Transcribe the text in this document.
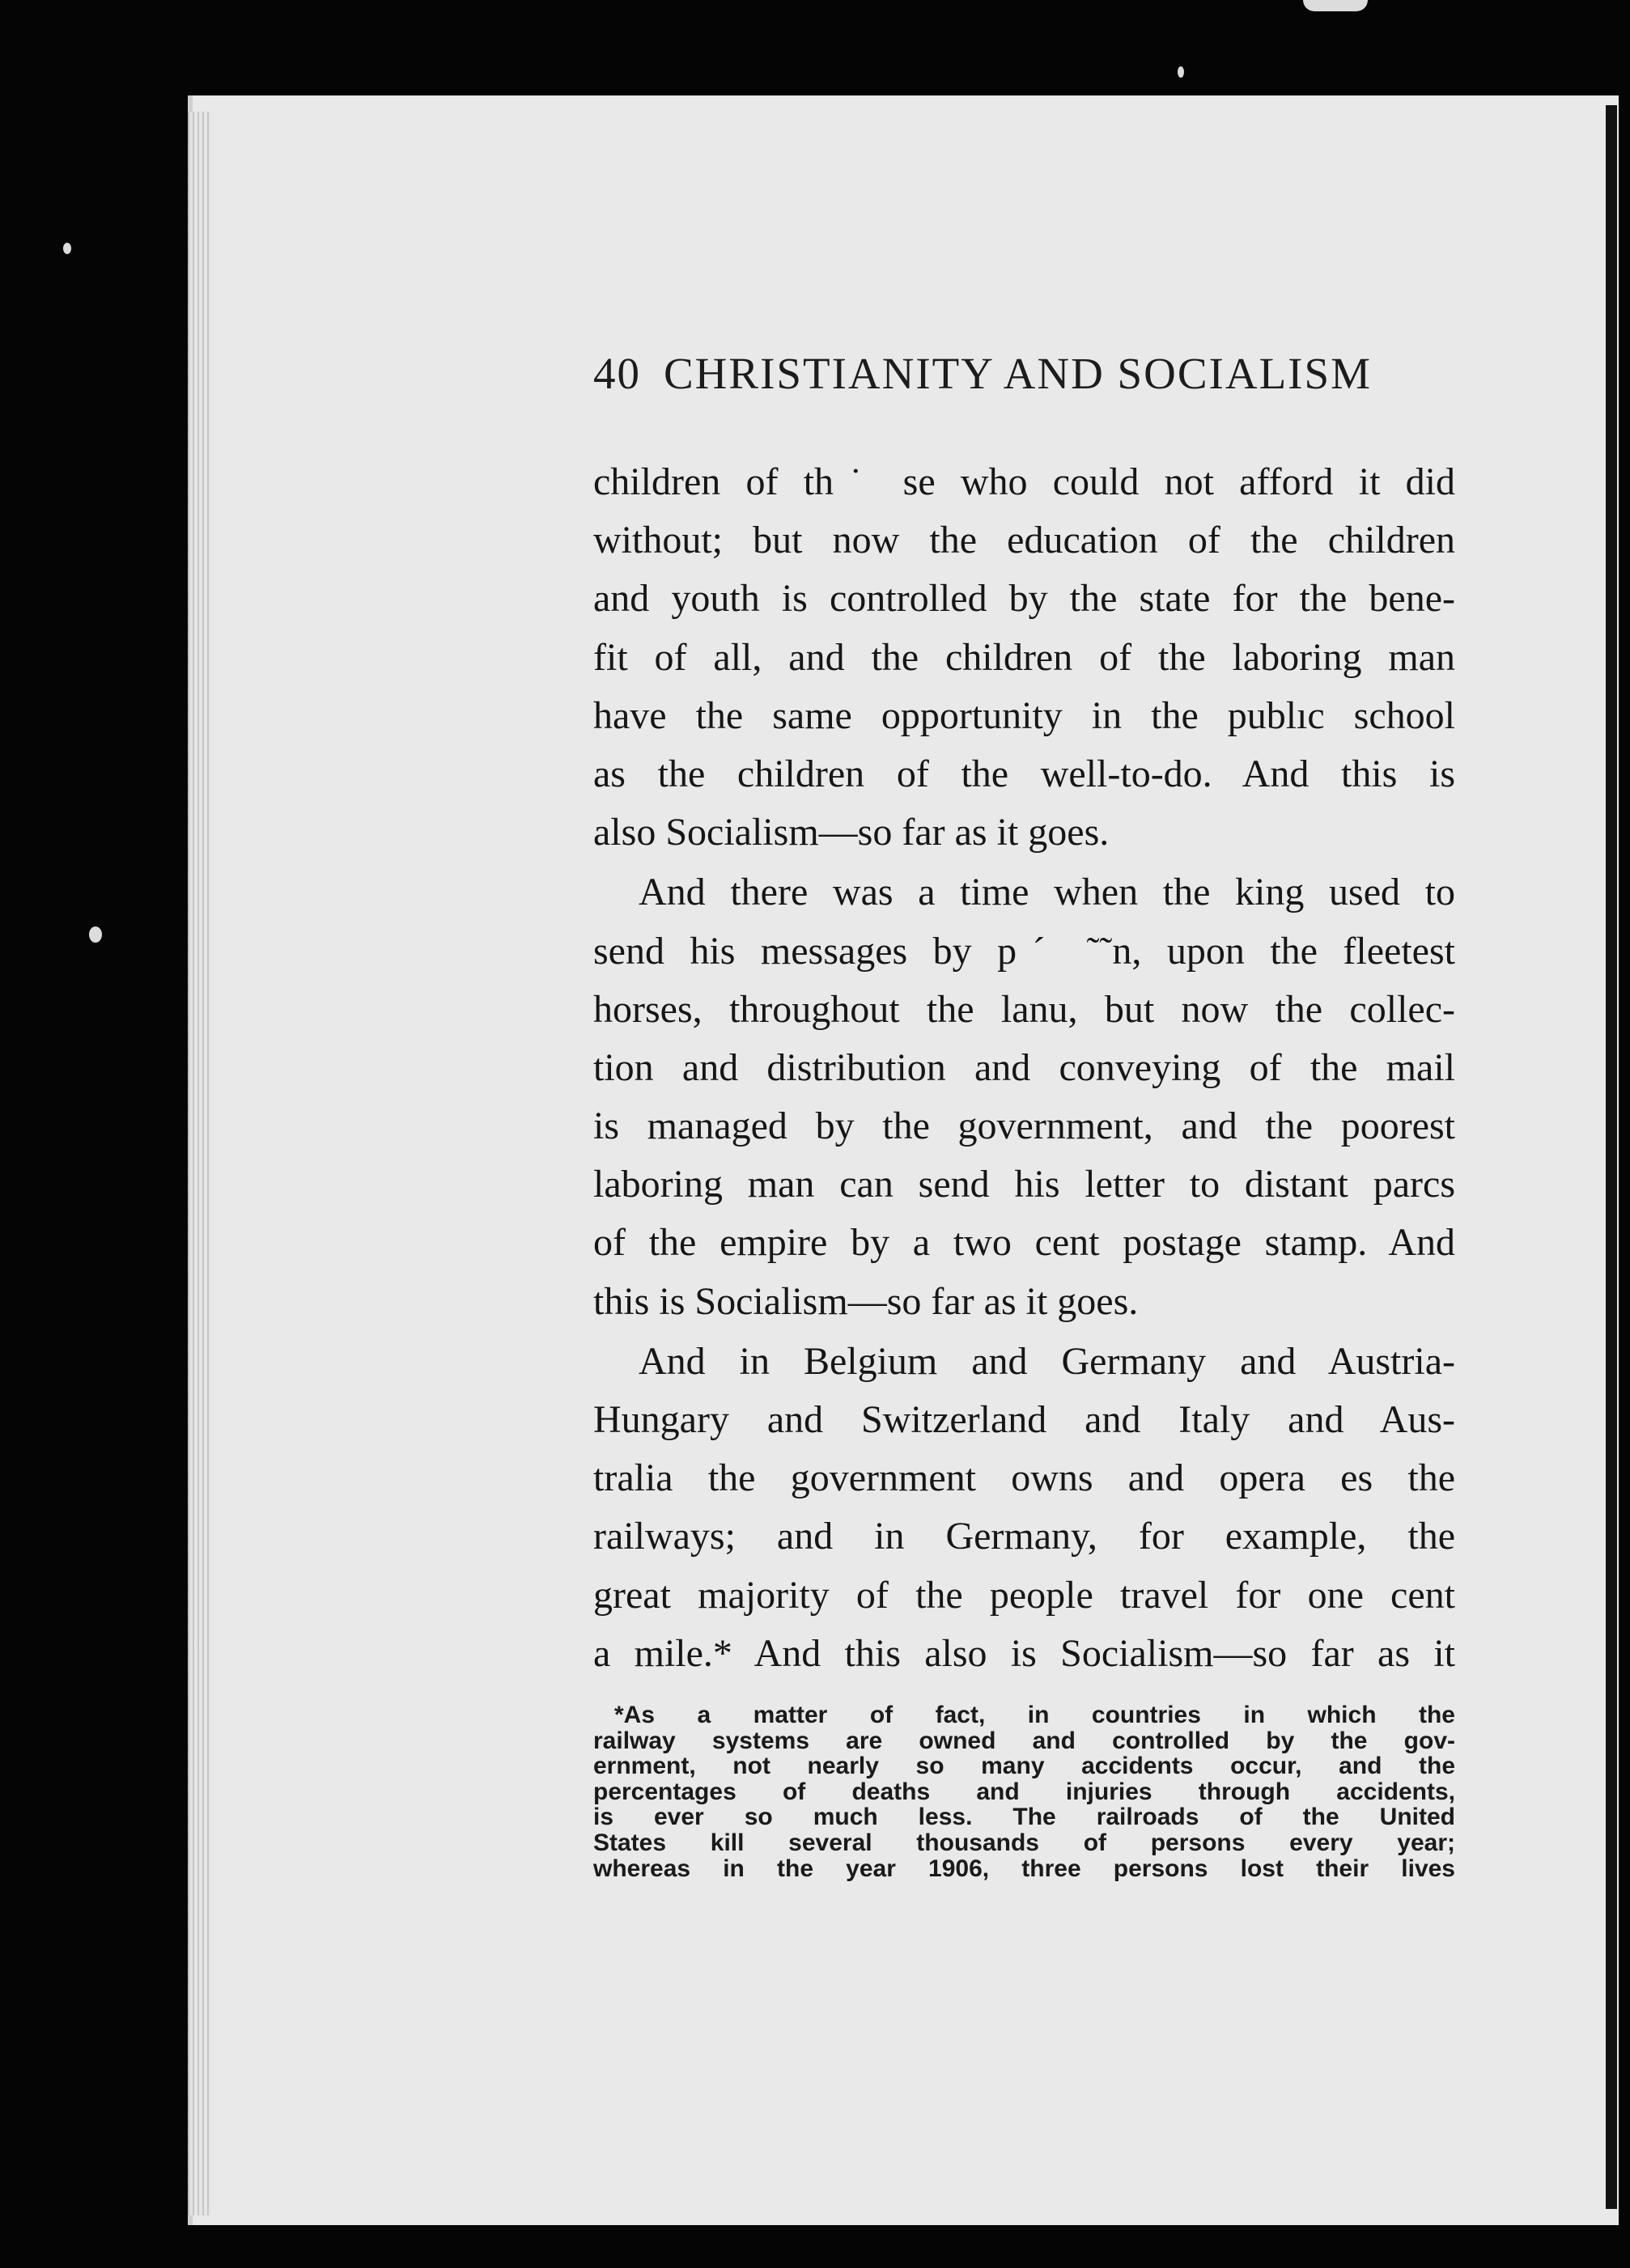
40 CHRISTIANITY AND SOCIALISM

children of th˙ se who could not afford it did
without; but now the education of the children
and youth is controlled by the state for the bene-
fit of all, and the children of the laboring man
have the same opportunity in the publıc school
as the children of the well-to-do. And this is
also Socialism—so far as it goes.

And there was a time when the king used to
send his messages by pˊ ˜˜n, upon the fleetest
horses, throughout the lanu, but now the collec-
tion and distribution and conveying of the mail
is managed by the government, and the poorest
laboring man can send his letter to distant parcs
of the empire by a two cent postage stamp. And
this is Socialism—so far as it goes.

And in Belgium and Germany and Austria-
Hungary and Switzerland and Italy and Aus-
tralia the government owns and opera es the
railways; and in Germany, for example, the
great majority of the people travel for one cent
a mile.* And this also is Socialism—so far as it

*As a matter of fact, in countries in which the
railway systems are owned and controlled by the gov-
ernment, not nearly so many accidents occur, and the
percentages of deaths and injuries through accidents,
is ever so much less. The railroads of the United
States kill several thousands of persons every year;
whereas in the year 1906, three persons lost their lives
